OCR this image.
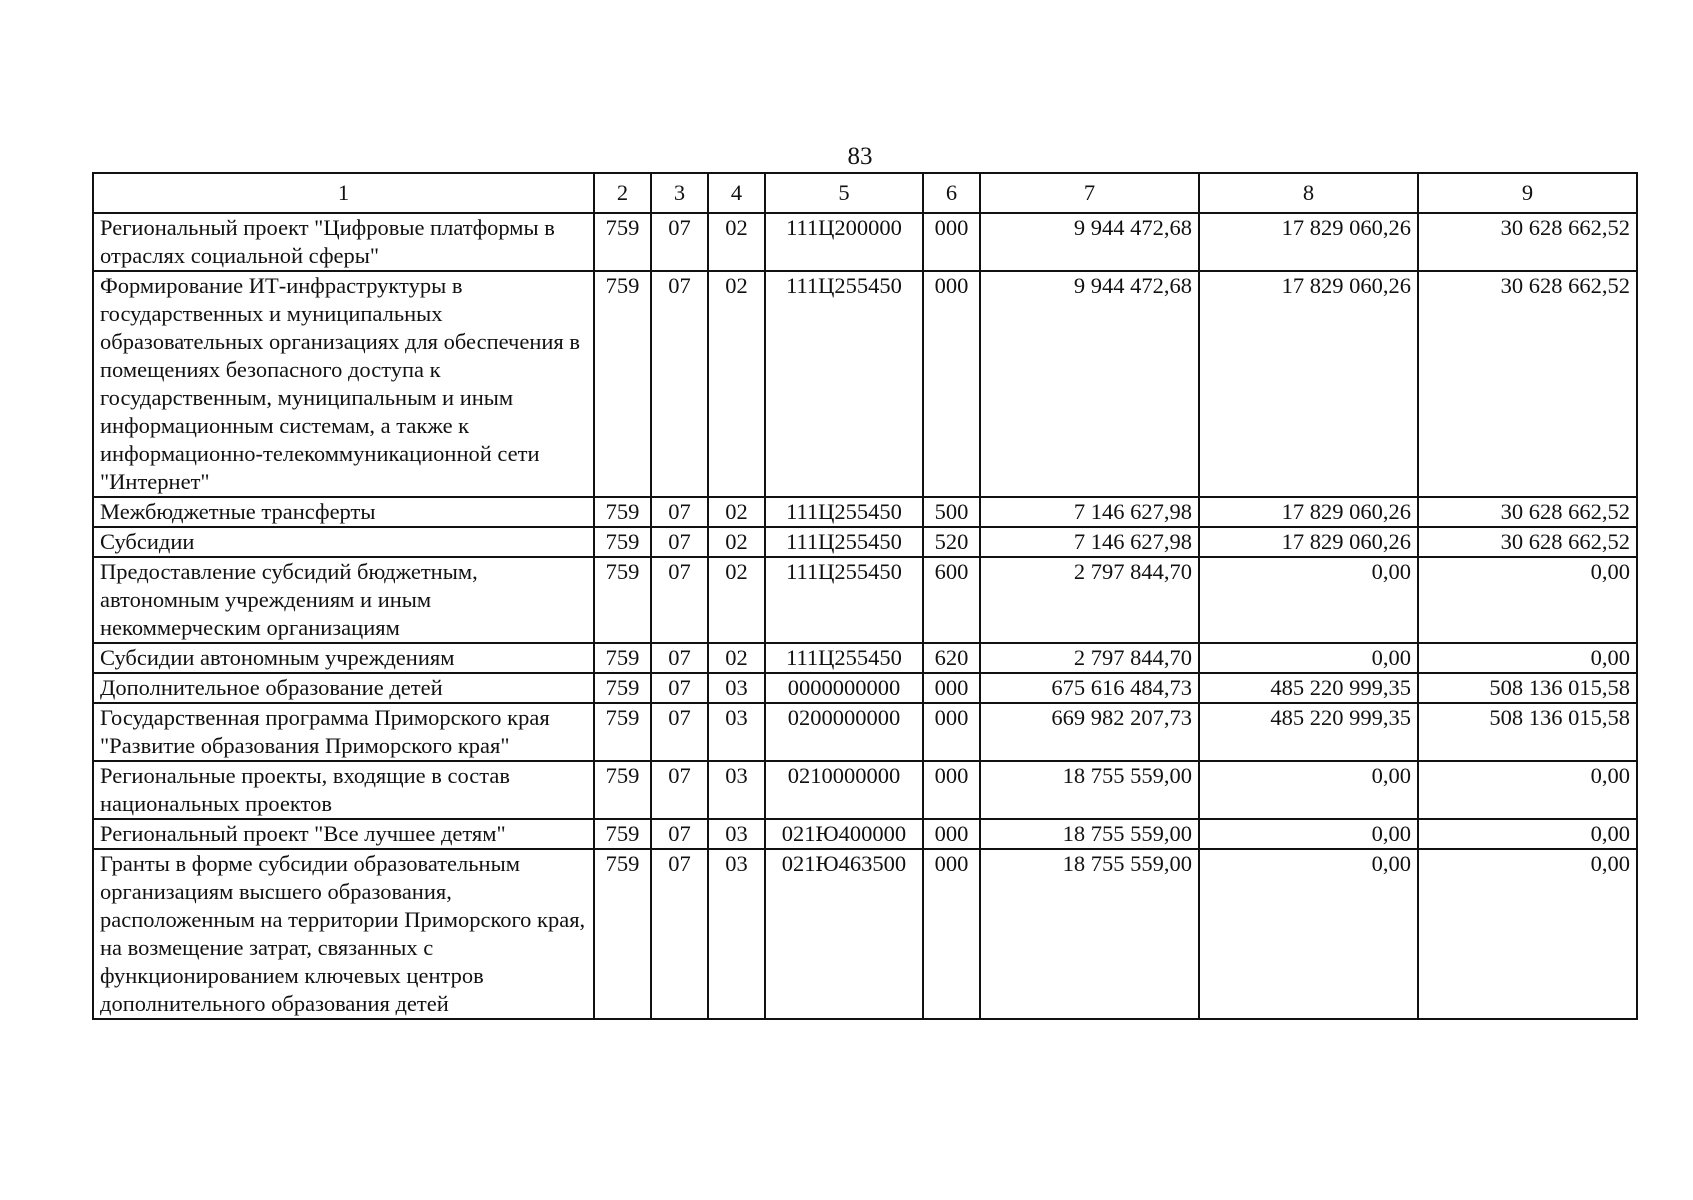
83
1	2	3	4	5	6	7	8	9
Региональный проект "Цифровые платформы в отраслях социальной сферы"	759	07	02	111Ц200000	000	9 944 472,68	17 829 060,26	30 628 662,52
Формирование ИТ-инфраструктуры в государственных и муниципальных образовательных организациях для обеспечения в помещениях безопасного доступа к государственным, муниципальным и иным информационным системам, а также к информационно-телекоммуникационной сети "Интернет"	759	07	02	111Ц255450	000	9 944 472,68	17 829 060,26	30 628 662,52
Межбюджетные трансферты	759	07	02	111Ц255450	500	7 146 627,98	17 829 060,26	30 628 662,52
Субсидии	759	07	02	111Ц255450	520	7 146 627,98	17 829 060,26	30 628 662,52
Предоставление субсидий бюджетным, автономным учреждениям и иным некоммерческим организациям	759	07	02	111Ц255450	600	2 797 844,70	0,00	0,00
Субсидии автономным учреждениям	759	07	02	111Ц255450	620	2 797 844,70	0,00	0,00
Дополнительное образование детей	759	07	03	0000000000	000	675 616 484,73	485 220 999,35	508 136 015,58
Государственная программа Приморского края "Развитие образования Приморского края"	759	07	03	0200000000	000	669 982 207,73	485 220 999,35	508 136 015,58
Региональные проекты, входящие в состав национальных проектов	759	07	03	0210000000	000	18 755 559,00	0,00	0,00
Региональный проект "Все лучшее детям"	759	07	03	021Ю400000	000	18 755 559,00	0,00	0,00
Гранты в форме субсидии образовательным организациям высшего образования, расположенным на территории Приморского края, на возмещение затрат, связанных с функционированием ключевых центров дополнительного образования детей	759	07	03	021Ю463500	000	18 755 559,00	0,00	0,00
